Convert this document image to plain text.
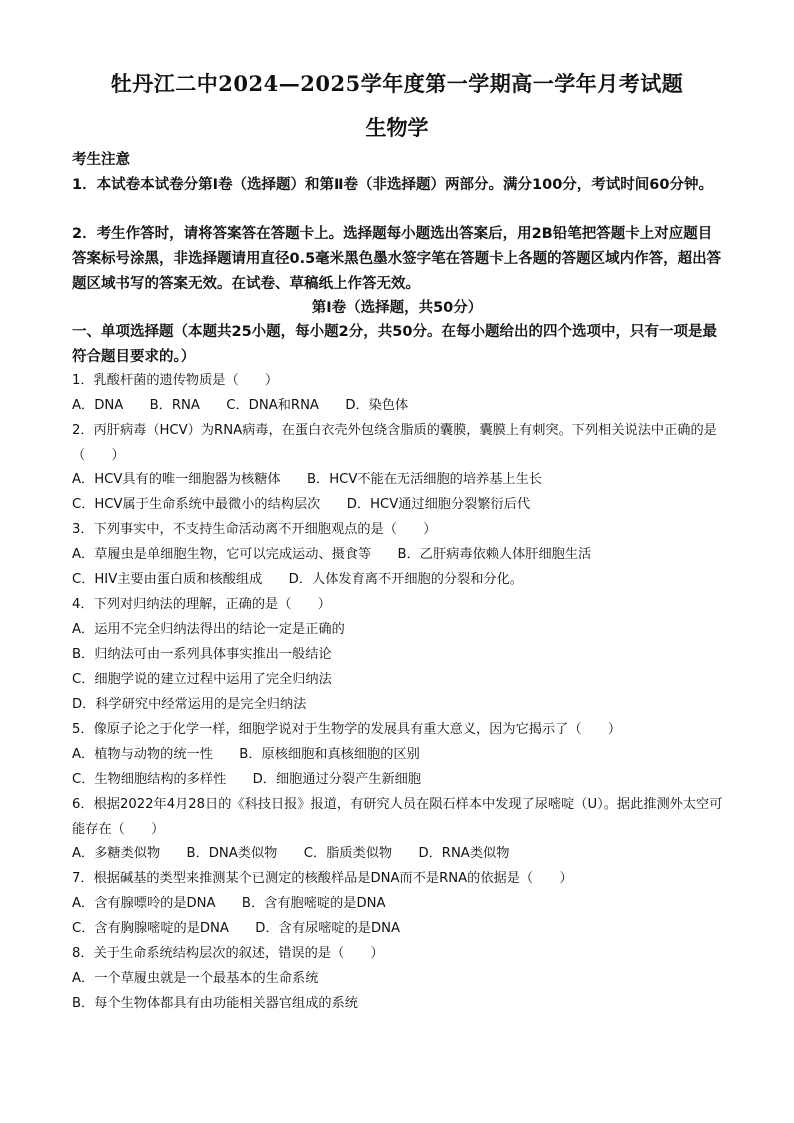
牡丹江二中2024—2025学年度第一学期高一学年月考试题
生物学
考生注意
1．本试卷本试卷分第Ⅰ卷（选择题）和第Ⅱ卷（非选择题）两部分。满分100分，考试时间60分钟。
2．考生作答时，请将答案答在答题卡上。选择题每小题选出答案后，用2B铅笔把答题卡上对应题目答案标号涂黑，非选择题请用直径0.5毫米黑色墨水签字笔在答题卡上各题的答题区域内作答，超出答题区域书写的答案无效。在试卷、草稿纸上作答无效。
第Ⅰ卷（选择题，共50分）
一、单项选择题（本题共25小题，每小题2分，共50分。在每小题给出的四个选项中，只有一项是最符合题目要求的。）
1．乳酸杆菌的遗传物质是（　　）
A．DNA　　B．RNA　　C．DNA和RNA　　D．染色体
2．丙肝病毒（HCV）为RNA病毒，在蛋白衣壳外包绕含脂质的囊膜，囊膜上有刺突。下列相关说法中正确的是（　　）
A．HCV具有的唯一细胞器为核糖体　　B．HCV不能在无活细胞的培养基上生长
C．HCV属于生命系统中最微小的结构层次　　D．HCV通过细胞分裂繁衍后代
3．下列事实中，不支持生命活动离不开细胞观点的是（　　）
A．草履虫是单细胞生物，它可以完成运动、摄食等　　B．乙肝病毒依赖人体肝细胞生活
C．HIV主要由蛋白质和核酸组成　　D．人体发育离不开细胞的分裂和分化。
4．下列对归纳法的理解，正确的是（　　）
A．运用不完全归纳法得出的结论一定是正确的
B．归纳法可由一系列具体事实推出一般结论
C．细胞学说的建立过程中运用了完全归纳法
D．科学研究中经常运用的是完全归纳法
5．像原子论之于化学一样，细胞学说对于生物学的发展具有重大意义，因为它揭示了（　　）
A．植物与动物的统一性　　B．原核细胞和真核细胞的区别
C．生物细胞结构的多样性　　D．细胞通过分裂产生新细胞
6．根据2022年4月28日的《科技日报》报道，有研究人员在陨石样本中发现了尿嘧啶（U）。据此推测外太空可能存在（　　）
A．多糖类似物　　B．DNA类似物　　C．脂质类似物　　D．RNA类似物
7．根据碱基的类型来推测某个已测定的核酸样品是DNA而不是RNA的依据是（　　）
A．含有腺嘌呤的是DNA　　B．含有胞嘧啶的是DNA
C．含有胸腺嘧啶的是DNA　　D．含有尿嘧啶的是DNA
8．关于生命系统结构层次的叙述，错误的是（　　）
A．一个草履虫就是一个最基本的生命系统
B．每个生物体都具有由功能相关器官组成的系统
